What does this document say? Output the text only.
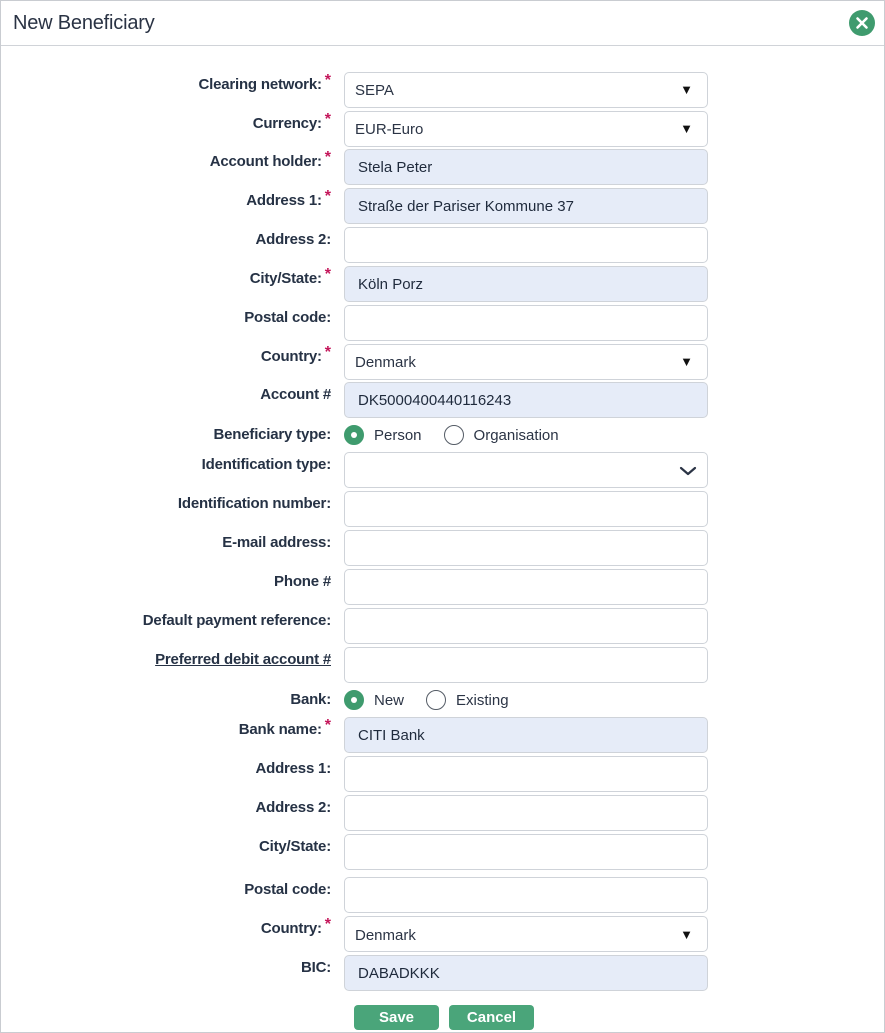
New Beneficiary
Clearing network: *
SEPA	▼
Currency: *
EUR-Euro	▼
Account holder: *
Stela Peter
Address 1: *
Straße der Pariser Kommune 37
Address 2:
City/State: *
Köln Porz
Postal code:
Country: *
Denmark	▼
Account #
DK5000400440116243
Beneficiary type:	Person	Organisation
Identification type:
Identification number:
E-mail address:
Phone #
Default payment reference:
Preferred debit account #
Bank:	New	Existing
Bank name: *
CITI Bank
Address 1:
Address 2:
City/State:
Postal code:
Country: *
Denmark	▼
BIC:
DABADKKK
Save	Cancel
